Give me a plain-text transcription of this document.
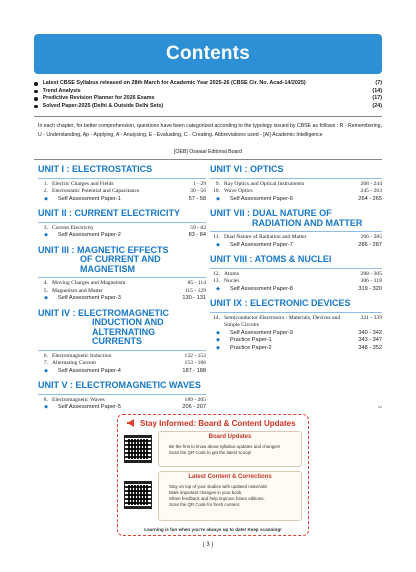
Contents
Latest CBSE Syllabus released on 28th March for Academic Year 2025-26 (CBSE Cir. No. Acad-14/2025)	(7)
Trend Analysis	(14)
Predictive Revision Planner for 2026 Exams	(17)
Solved Paper-2025 (Delhi & Outside Delhi Sets)	(24)
In each chapter, for better comprehension, questions have been categorized according to the typology issued by CBSE as follows : R - Remembering, U - Understanding, Ap - Applying, A - Analysing, E - Evaluating, C - Creating. Abbreviations used - [AI] Academic Intelligence
[OEB] Oswaal Editorial Board
UNIT I : ELECTROSTATICS
1. Electric Charges and Fields	1 - 29
2. Electrostatic Potential and Capacitance	30 - 56
◆	Self Assessment Paper-1	57 - 58
UNIT II : CURRENT ELECTRICITY
3. Current Electricity	59 - 82
◆	Self Assessment Paper-2	83 - 84
UNIT III : MAGNETIC EFFECTS
OF CURRENT AND MAGNETISM
4. Moving Charges and Magnetism	85 - 114
5. Magnetism and Matter	115 - 129
◆	Self Assessment Paper-3	130 - 131
UNIT IV : ELECTROMAGNETIC
INDUCTION AND ALTERNATING CURRENTS
6. Electromagnetic Induction	132 - 152
7. Alternating Current	153 - 186
◆	Self Assessment Paper-4	187 - 188
UNIT V : ELECTROMAGNETIC WAVES
8. Electromagnetic Waves	189 - 205
◆	Self Assessment Paper-5	206 - 207
UNIT VI : OPTICS
9. Ray Optics and Optical Instruments	208 - 244
10. Wave Optics	245 - 263
◆	Self Assessment Paper-6	264 - 265
UNIT VII : DUAL NATURE OF
RADIATION AND MATTER
11. Dual Nature of Radiation and Matter	266 - 285
◆	Self Assessment Paper-7	286 - 287
UNIT VIII : ATOMS & NUCLEI
12. Atoms	288 - 305
13. Nuclei	306 - 318
◆	Self Assessment Paper-8	319 - 320
UNIT IX : ELECTRONIC DEVICES
14. Semiconductor Electronics : Materials, Devices and Simple Circuits
321 - 339
◆	Self Assessment Paper-9	340 - 342
◆	Practice Paper-1	343 - 347
◆	Practice Paper-2	348 - 352
▫▫
Stay Informed: Board & Content Updates
Board Updates
Be the first to know about syllabus updates and changes!
Scan the QR Code to get the latest scoop!
Latest Content & Corrections
Stay on top of your studies with updated materials!
Mark important changes in your book.
Share feedback and help improve future editions.
Scan the QR Code for fresh content.
Learning is fun when you're always up to date! Keep scanning!
( 3 )
